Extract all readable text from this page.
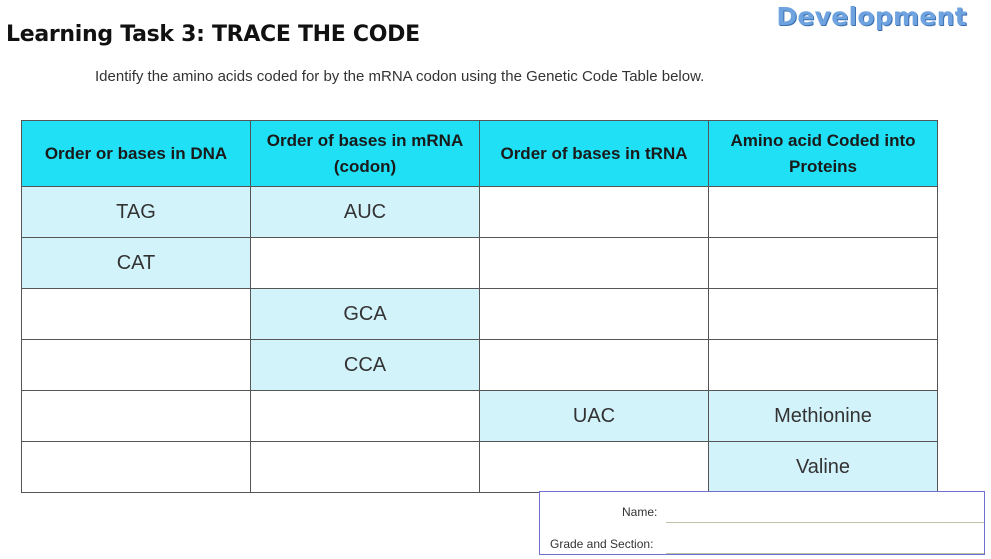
Development
Learning Task 3: TRACE THE CODE
Identify the amino acids coded for by the mRNA codon using the Genetic Code Table below.
Order or bases in DNA	Order of bases in mRNA (codon)	Order of bases in tRNA	Amino acid Coded into Proteins
TAG	AUC		
CAT			
	GCA		
	CCA		
		UAC	Methionine
			Valine
Name:
Grade and Section:
